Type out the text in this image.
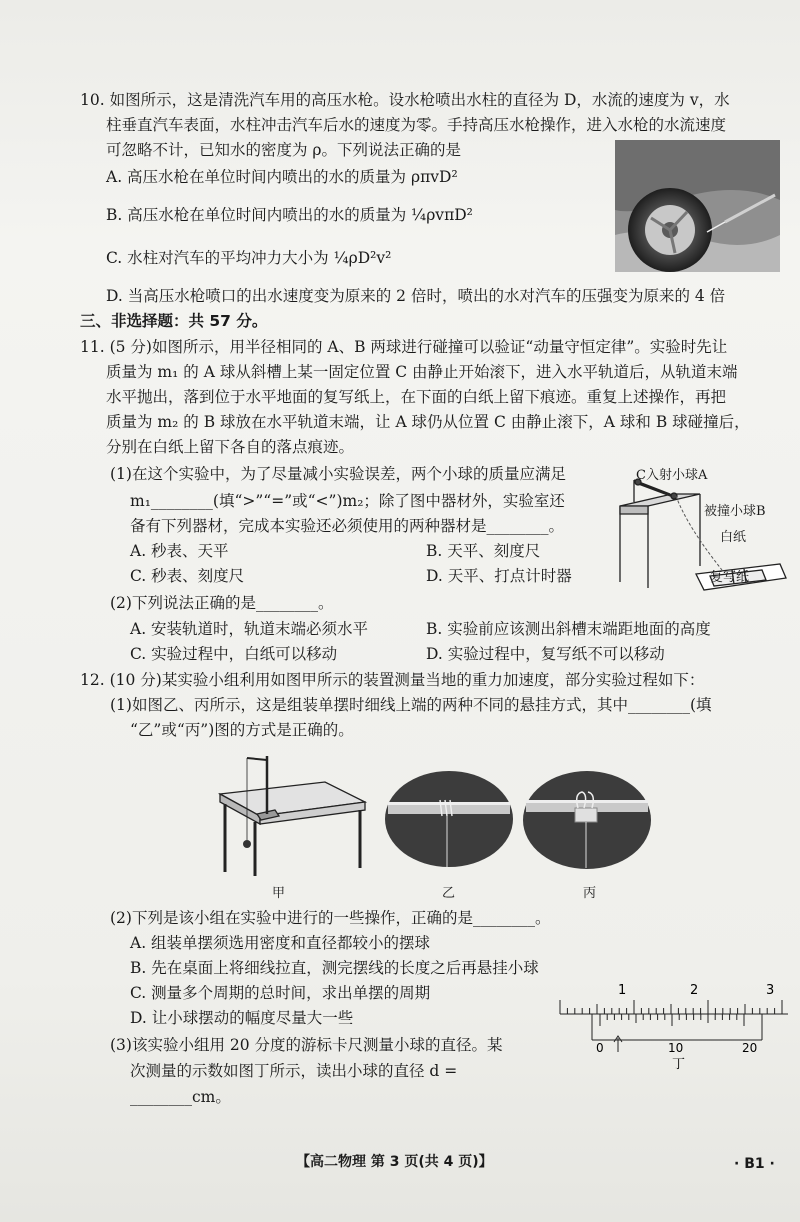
10. 如图所示，这是清洗汽车用的高压水枪。设水枪喷出水柱的直径为 D，水流的速度为 v，水
柱垂直汽车表面，水柱冲击汽车后水的速度为零。手持高压水枪操作，进入水枪的水流速度
可忽略不计，已知水的密度为 ρ。下列说法正确的是
A. 高压水枪在单位时间内喷出的水的质量为 ρπvD²
B. 高压水枪在单位时间内喷出的水的质量为 ¼ρvπD²
C. 水柱对汽车的平均冲力大小为 ¼ρD²v²
D. 当高压水枪喷口的出水速度变为原来的 2 倍时，喷出的水对汽车的压强变为原来的 4 倍
三、非选择题：共 57 分。
11. (5 分)如图所示，用半径相同的 A、B 两球进行碰撞可以验证“动量守恒定律”。实验时先让
质量为 m₁ 的 A 球从斜槽上某一固定位置 C 由静止开始滚下，进入水平轨道后，从轨道末端
水平抛出，落到位于水平地面的复写纸上，在下面的白纸上留下痕迹。重复上述操作，再把
质量为 m₂ 的 B 球放在水平轨道末端，让 A 球仍从位置 C 由静止滚下，A 球和 B 球碰撞后，
分别在白纸上留下各自的落点痕迹。
(1)在这个实验中，为了尽量减小实验误差，两个小球的质量应满足
m₁________(填“>”“=”或“<”)m₂；除了图中器材外，实验室还
备有下列器材，完成本实验还必须使用的两种器材是________。
A. 秒表、天平	B. 天平、刻度尺
C. 秒表、刻度尺	D. 天平、打点计时器
(2)下列说法正确的是________。
A. 安装轨道时，轨道末端必须水平	B. 实验前应该测出斜槽末端距地面的高度
C. 实验过程中，白纸可以移动	D. 实验过程中，复写纸不可以移动
C入射小球A
被撞小球B
白纸
复写纸
12. (10 分)某实验小组利用如图甲所示的装置测量当地的重力加速度，部分实验过程如下：
(1)如图乙、丙所示，这是组装单摆时细线上端的两种不同的悬挂方式，其中________(填
“乙”或“丙”)图的方式是正确的。
甲	乙	丙
(2)下列是该小组在实验中进行的一些操作，正确的是________。
A. 组装单摆须选用密度和直径都较小的摆球
B. 先在桌面上将细线拉直，测完摆线的长度之后再悬挂小球
C. 测量多个周期的总时间，求出单摆的周期
D. 让小球摆动的幅度尽量大一些
(3)该实验小组用 20 分度的游标卡尺测量小球的直径。某
次测量的示数如图丁所示，读出小球的直径 d =
________cm。
1	2	3
0	10	20
丁
【高二物理 第 3 页(共 4 页)】	· B1 ·
